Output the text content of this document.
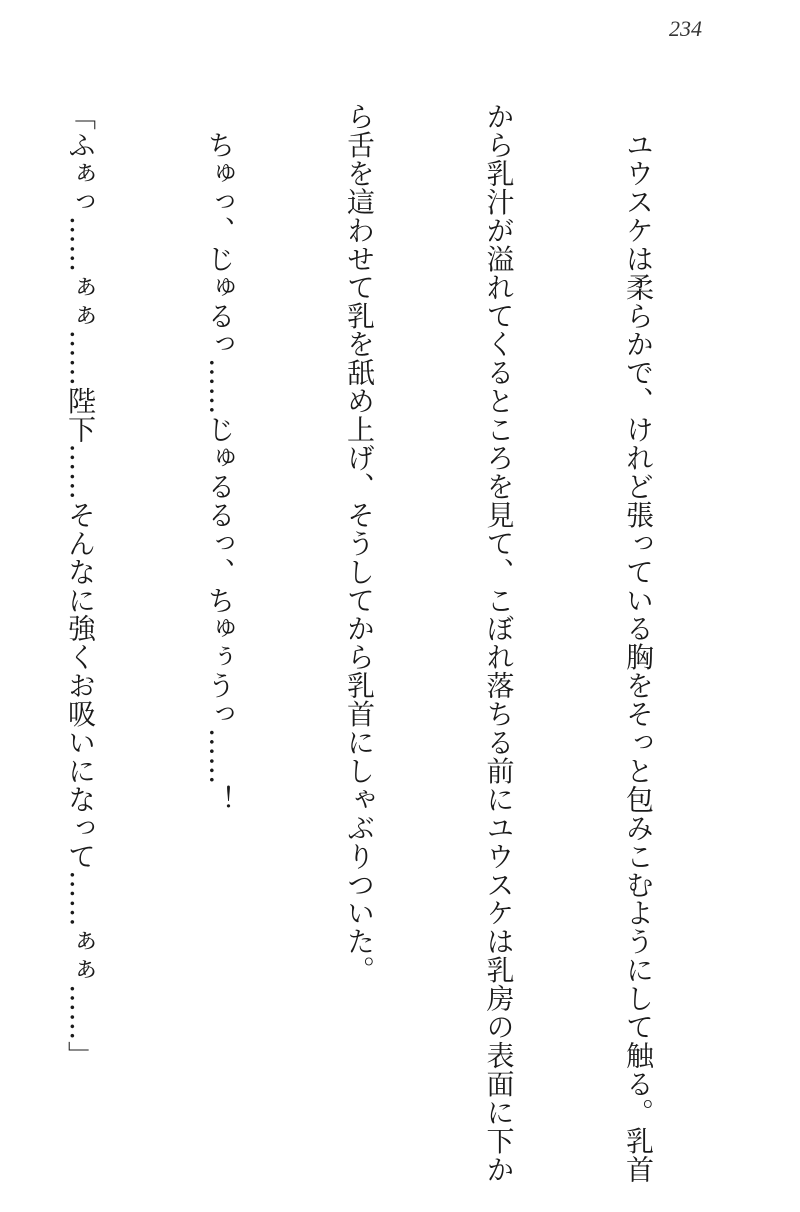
234

　ユウスケは柔らかで、けれど張っている胸をそっと包みこむようにして触る。乳首

から乳汁が溢れてくるところを見て、こぼれ落ちる前にユウスケは乳房の表面に下か

ら舌を這わせて乳を舐め上げ、そうしてから乳首にしゃぶりついた。

　ちゅっ、じゅるっ……じゅるるっ、ちゅぅうっ……！

「ふぁっ……ぁぁ……陛下……そんなに強くお吸いになって……ぁぁ……」
